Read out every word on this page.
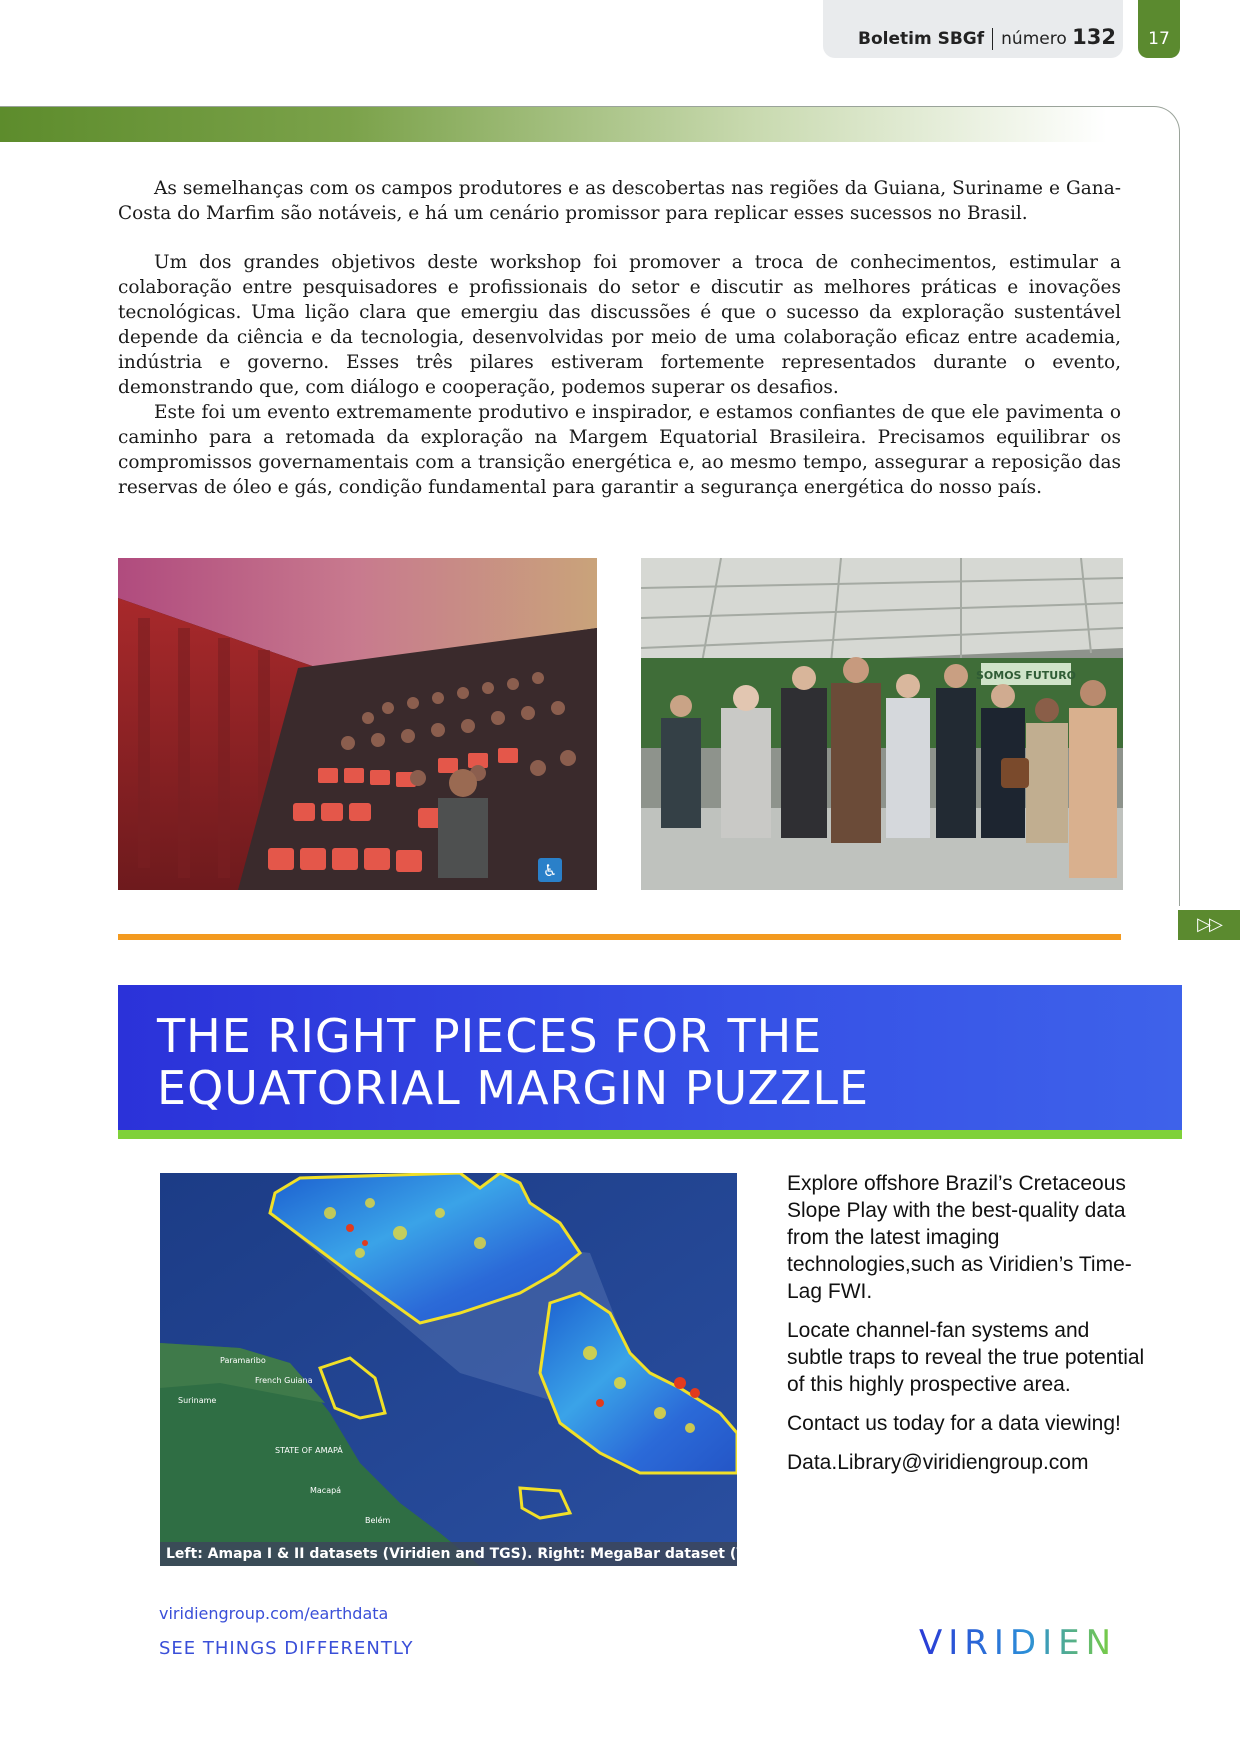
Boletim SBGf número 132	17

As semelhanças com os campos produtores e as descobertas nas regiões da Guiana, Suriname e Gana-Costa do Marfim são notáveis, e há um cenário promissor para replicar esses sucessos no Brasil.

Um dos grandes objetivos deste workshop foi promover a troca de conhecimentos, estimular a colaboração entre pesquisadores e profissionais do setor e discutir as melhores práticas e inovações tecnológicas. Uma lição clara que emergiu das discussões é que o sucesso da exploração sustentável depende da ciência e da tecnologia, desenvolvidas por meio de uma colaboração eficaz entre academia, indústria e governo. Esses três pilares estiveram fortemente representados durante o evento, demonstrando que, com diálogo e cooperação, podemos superar os desafios.

Este foi um evento extremamente produtivo e inspirador, e estamos confiantes de que ele pavimenta o caminho para a retomada da exploração na Margem Equatorial Brasileira. Precisamos equilibrar os compromissos governamentais com a transição energética e, ao mesmo tempo, assegurar a reposição das reservas de óleo e gás, condição fundamental para garantir a segurança energética do nosso país.

♿
SOMOS FUTURO
▷▷
THE RIGHT PIECES FOR THE
EQUATORIAL MARGIN PUZZLE
Paramaribo
French Guiana
Suriname
STATE OF AMAPÁ
Macapá
Belém
Left: Amapa I & II datasets (Viridien and TGS). Right: MegaBar dataset (Viridien).

Explore offshore Brazil’s Cretaceous Slope Play with the best-quality data from the latest imaging technologies,such as Viridien’s Time-Lag FWI.

Locate channel-fan systems and subtle traps to reveal the true potential of this highly prospective area.

Contact us today for a data viewing!

Data.Library@viridiengroup.com

viridiengroup.com/earthdata
SEE THINGS DIFFERENTLY	VIRIDIEN
